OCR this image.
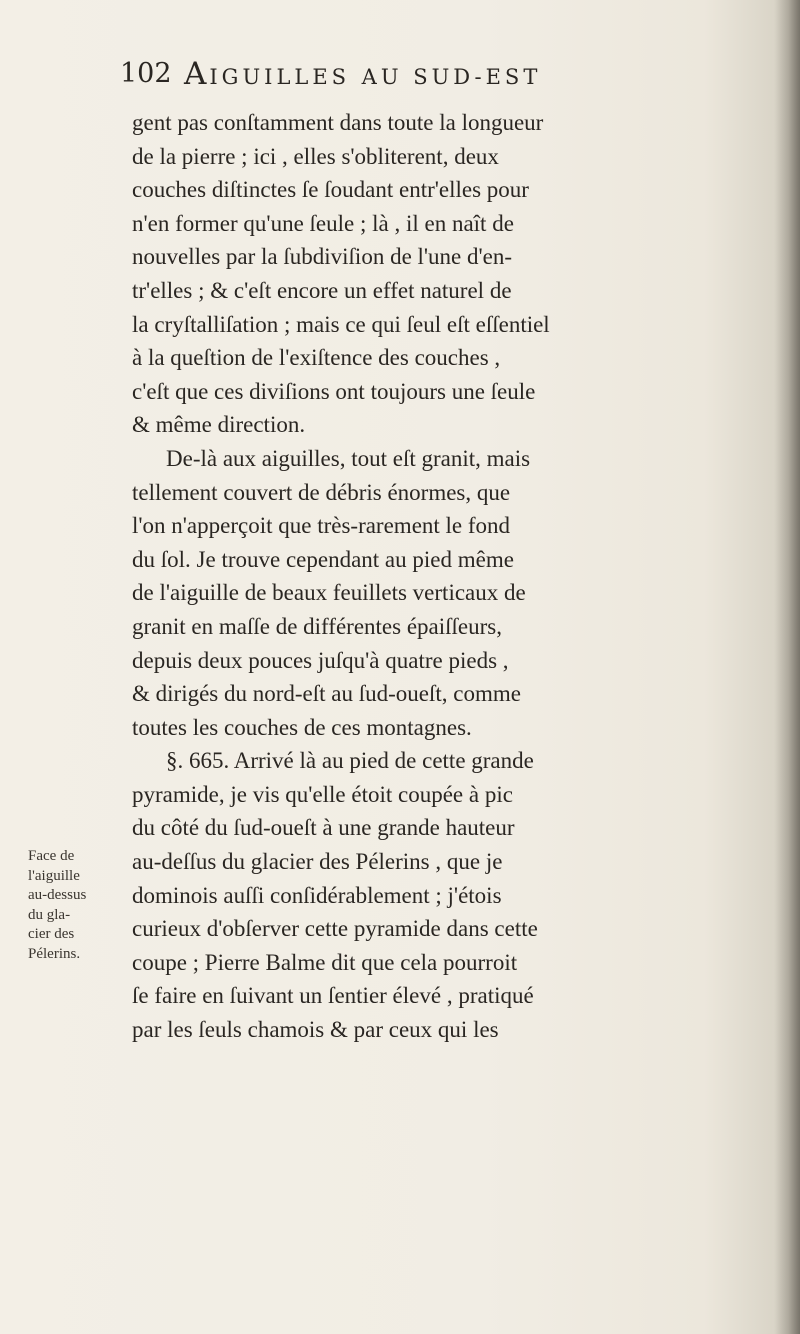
102 AIGUILLES AU SUD-EST
Face de
l'aiguille
au-dessus
du gla-
cier des
Pélerins.
gent pas conſtamment dans toute la longueur
de la pierre ; ici , elles s'obliterent, deux
couches diſtinctes ſe ſoudant entr'elles pour
n'en former qu'une ſeule ; là , il en naît de
nouvelles par la ſubdiviſion de l'une d'en-
tr'elles ; & c'eſt encore un effet naturel de
la cryſtalliſation ; mais ce qui ſeul eſt eſſentiel
à la queſtion de l'exiſtence des couches ,
c'eſt que ces diviſions ont toujours une ſeule
& même direction.
De-là aux aiguilles, tout eſt granit, mais
tellement couvert de débris énormes, que
l'on n'apperçoit que très-rarement le fond
du ſol. Je trouve cependant au pied même
de l'aiguille de beaux feuillets verticaux de
granit en maſſe de différentes épaiſſeurs,
depuis deux pouces juſqu'à quatre pieds ,
& dirigés du nord-eſt au ſud-oueſt, comme
toutes les couches de ces montagnes.
§. 665. Arrivé là au pied de cette grande
pyramide, je vis qu'elle étoit coupée à pic
du côté du ſud-oueſt à une grande hauteur
au-deſſus du glacier des Pélerins , que je
dominois auſſi conſidérablement ; j'étois
curieux d'obſerver cette pyramide dans cette
coupe ; Pierre Balme dit que cela pourroit
ſe faire en ſuivant un ſentier élevé , pratiqué
par les ſeuls chamois & par ceux qui les
